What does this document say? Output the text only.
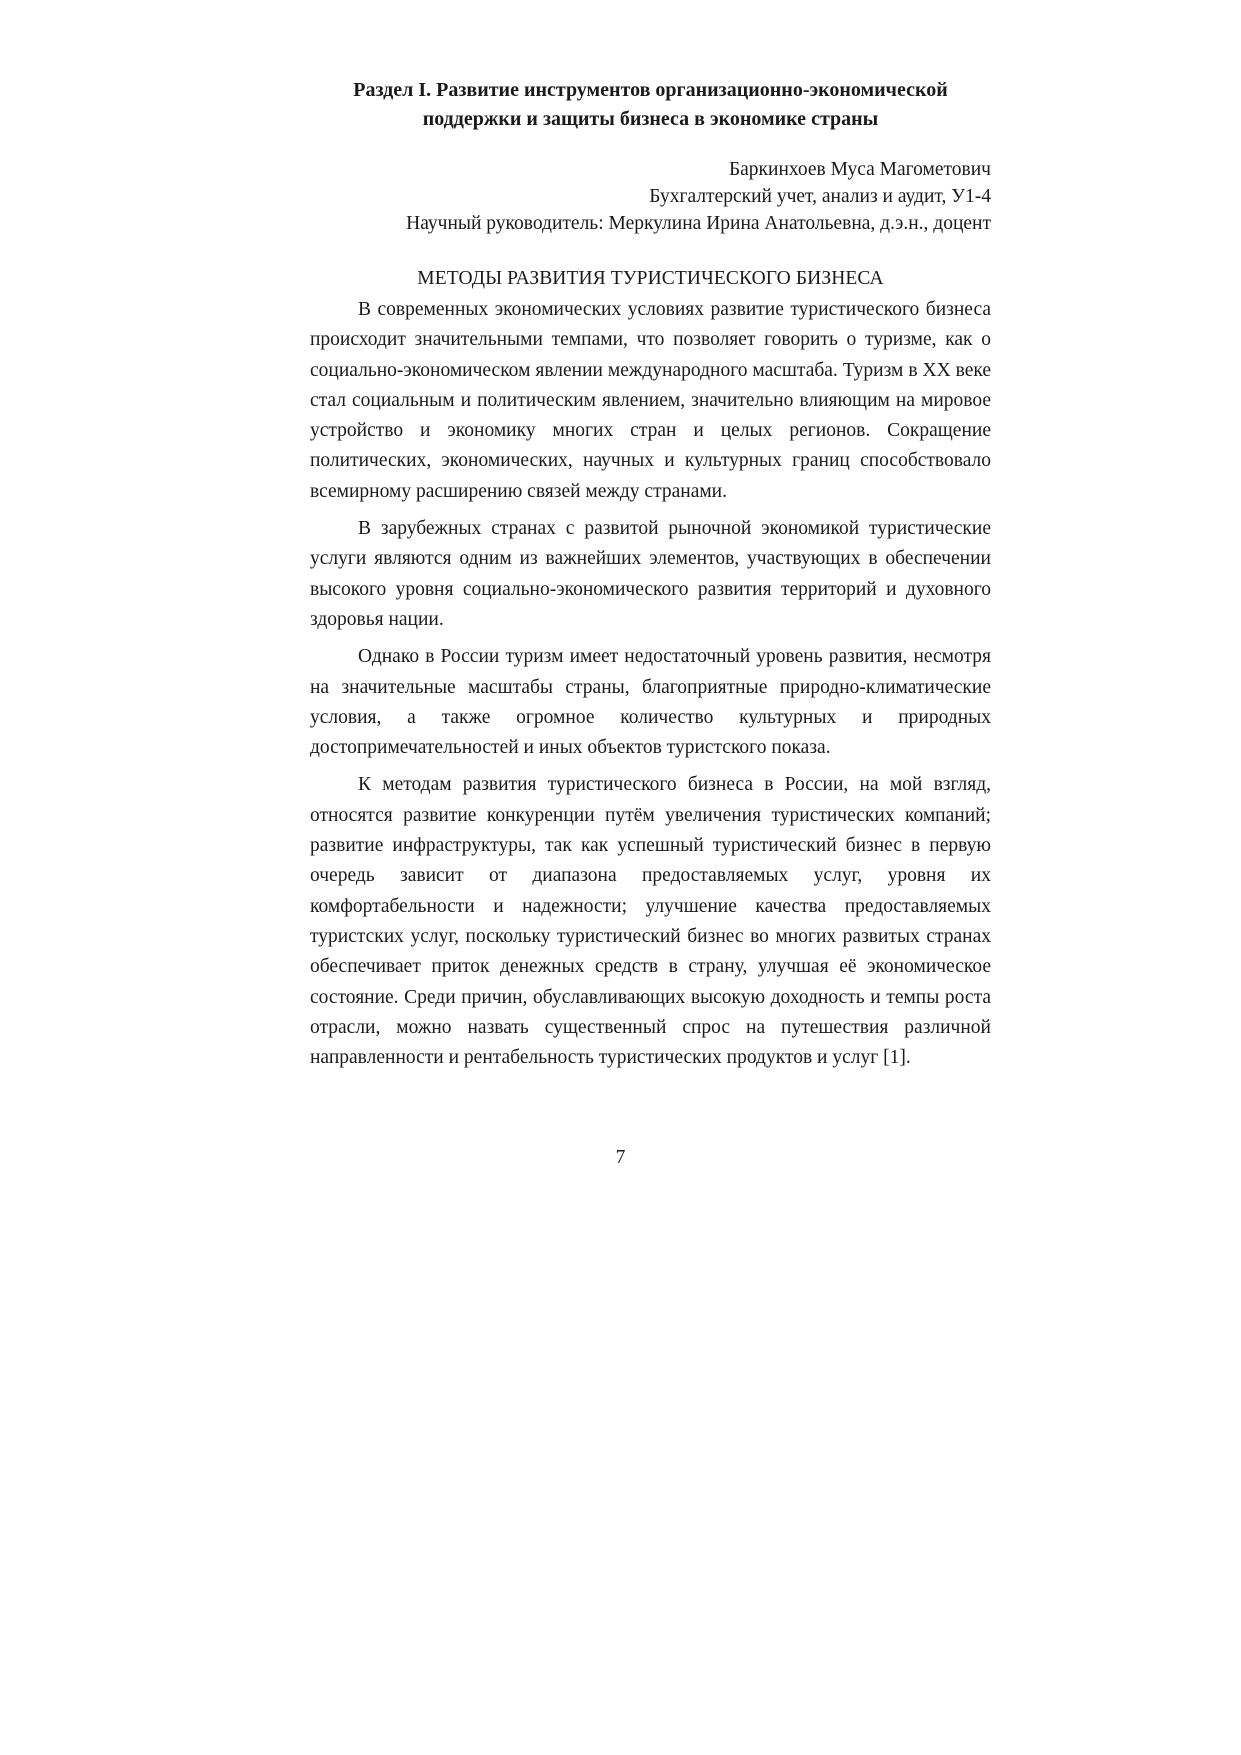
Раздел I. Развитие инструментов организационно-экономической
поддержки и защиты бизнеса в экономике страны
Баркинхоев Муса Магометович
Бухгалтерский учет, анализ и аудит, У1-4
Научный руководитель: Меркулина Ирина Анатольевна, д.э.н., доцент
МЕТОДЫ РАЗВИТИЯ ТУРИСТИЧЕСКОГО БИЗНЕСА

В современных экономических условиях развитие туристического бизнеса происходит значительными темпами, что позволяет говорить о туризме, как о социально-экономическом явлении международного масштаба. Туризм в XX веке стал социальным и политическим явлением, значительно влияющим на мировое устройство и экономику многих стран и целых регионов. Сокращение политических, экономических, научных и культурных границ способствовало всемирному расширению связей между странами.

В зарубежных странах с развитой рыночной экономикой туристические услуги являются одним из важнейших элементов, участвующих в обеспечении высокого уровня социально-экономического развития территорий и духовного здоровья нации.

Однако в России туризм имеет недостаточный уровень развития, несмотря на значительные масштабы страны, благоприятные природно-климатические условия, а также огромное количество культурных и природных достопримечательностей и иных объектов туристского показа.

К методам развития туристического бизнеса в России, на мой взгляд, относятся развитие конкуренции путём увеличения туристических компаний; развитие инфраструктуры, так как успешный туристический бизнес в первую очередь зависит от диапазона предоставляемых услуг, уровня их комфортабельности и надежности; улучшение качества предоставляемых туристских услуг, поскольку туристический бизнес во многих развитых странах обеспечивает приток денежных средств в страну, улучшая её экономическое состояние. Среди причин, обуславливающих высокую доходность и темпы роста отрасли, можно назвать существенный спрос на путешествия различной направленности и рентабельность туристических продуктов и услуг [1].

7
